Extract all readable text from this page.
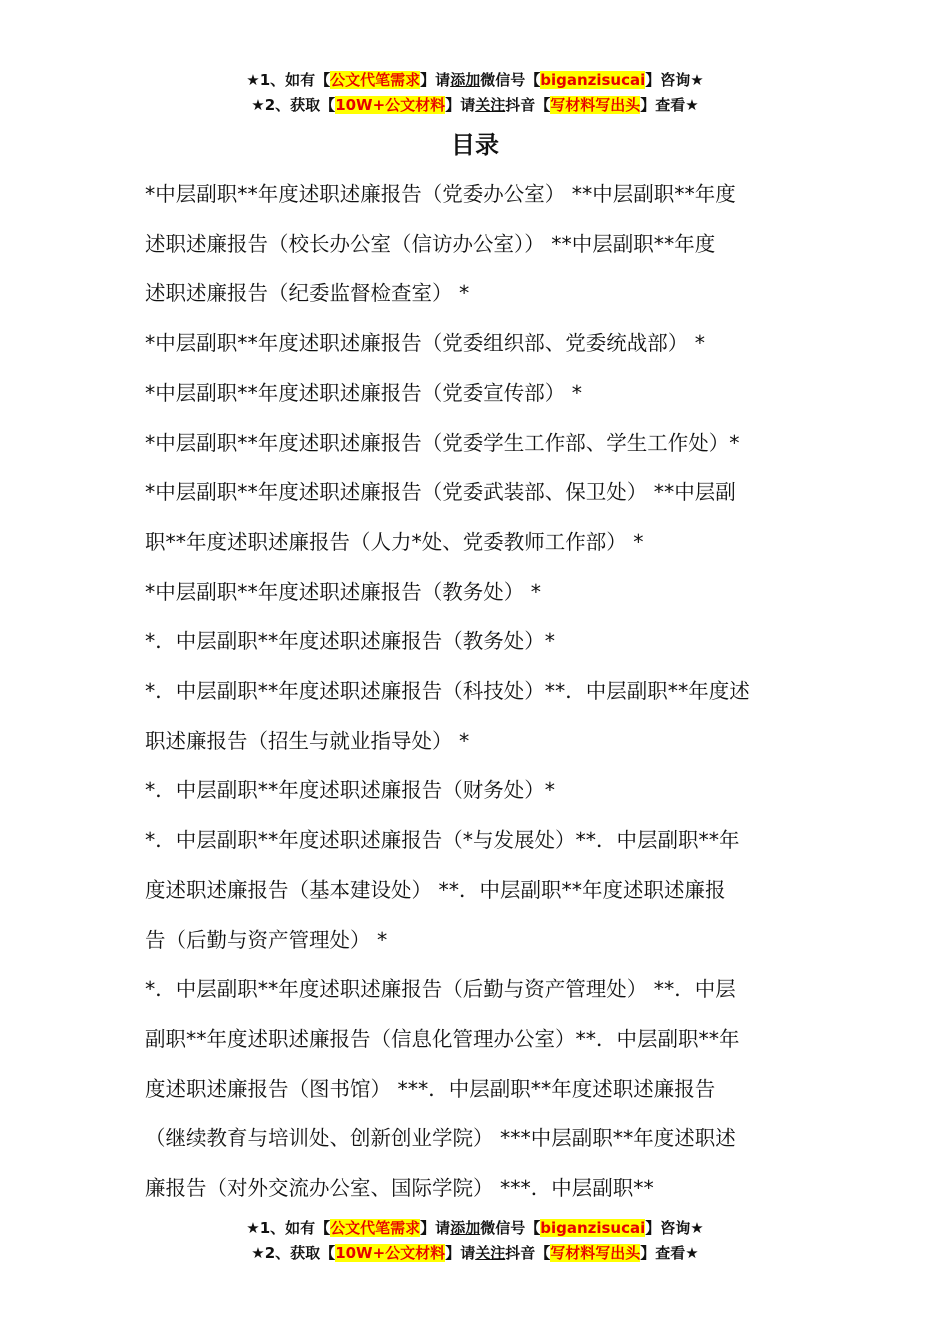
★1、如有【公文代笔需求】请添加微信号【biganzisucai】咨询★
★2、获取【10W+公文材料】请关注抖音【写材料写出头】查看★
目录
*中层副职**年度述职述廉报告（党委办公室） **中层副职**年度
述职述廉报告（校长办公室（信访办公室）） **中层副职**年度
述职述廉报告（纪委监督检查室） *
*中层副职**年度述职述廉报告（党委组织部、党委统战部） *
*中层副职**年度述职述廉报告（党委宣传部） *
*中层副职**年度述职述廉报告（党委学生工作部、学生工作处）*
*中层副职**年度述职述廉报告（党委武装部、保卫处） **中层副
职**年度述职述廉报告（人力*处、党委教师工作部） *
*中层副职**年度述职述廉报告（教务处） *
*．中层副职**年度述职述廉报告（教务处）*
*．中层副职**年度述职述廉报告（科技处）**．中层副职**年度述
职述廉报告（招生与就业指导处） *
*．中层副职**年度述职述廉报告（财务处）*
*．中层副职**年度述职述廉报告（*与发展处）**．中层副职**年
度述职述廉报告（基本建设处） **．中层副职**年度述职述廉报
告（后勤与资产管理处） *
*．中层副职**年度述职述廉报告（后勤与资产管理处） **．中层
副职**年度述职述廉报告（信息化管理办公室）**．中层副职**年
度述职述廉报告（图书馆） ***．中层副职**年度述职述廉报告
（继续教育与培训处、创新创业学院） ***中层副职**年度述职述
廉报告（对外交流办公室、国际学院） ***．中层副职**
★1、如有【公文代笔需求】请添加微信号【biganzisucai】咨询★
★2、获取【10W+公文材料】请关注抖音【写材料写出头】查看★
